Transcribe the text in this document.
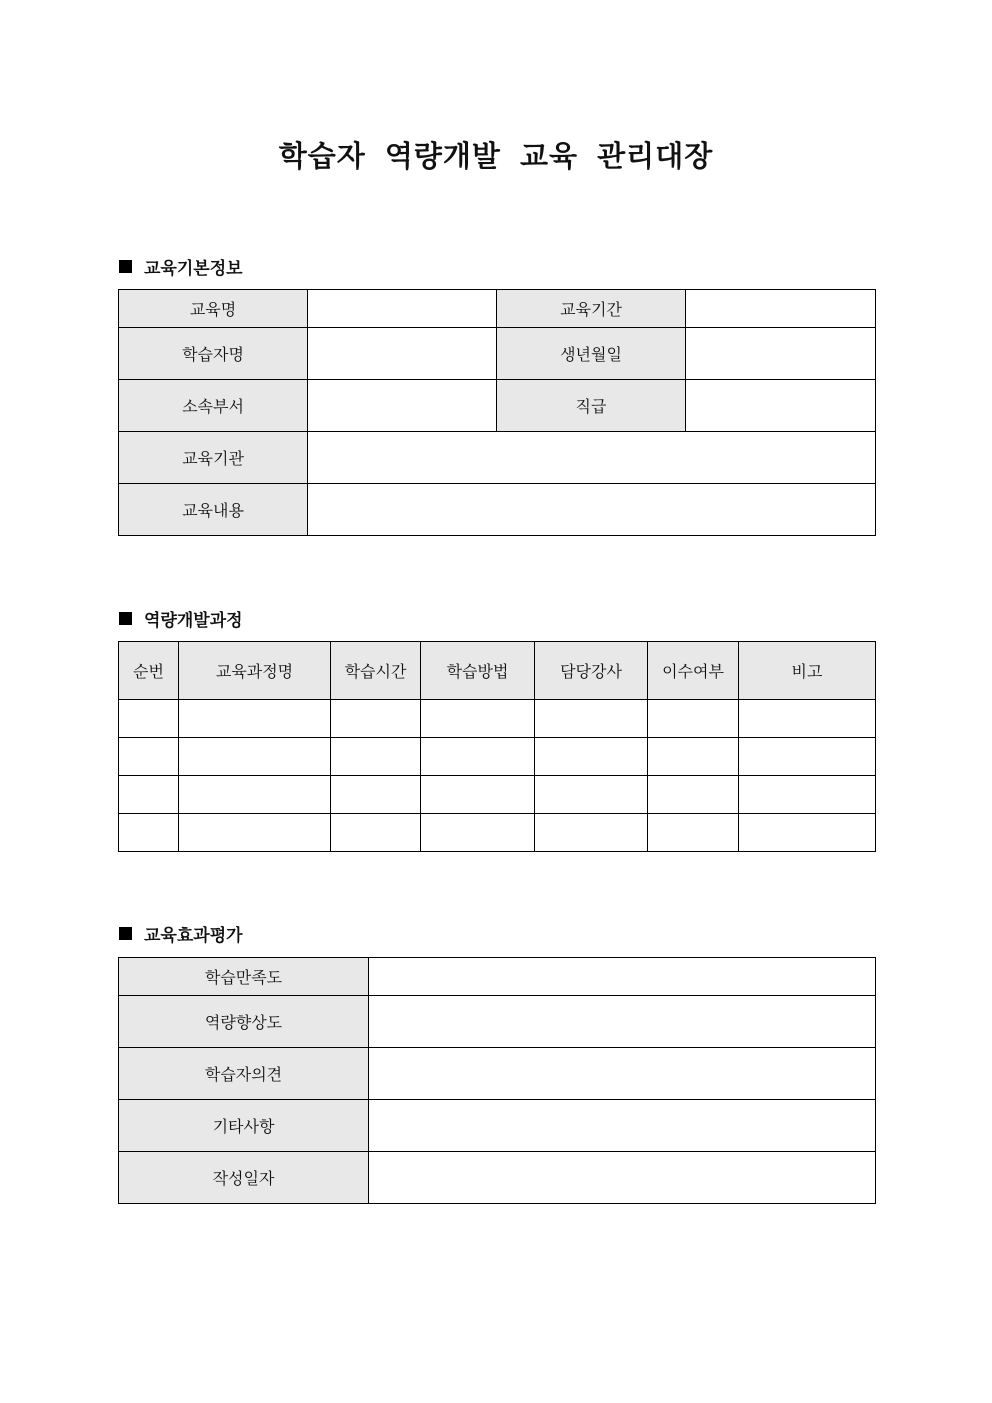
학습자 역량개발 교육 관리대장
교육기본정보
교육명		교육기간	
학습자명		생년월일	
소속부서		직급	
교육기관			
교육내용			
역량개발과정
순번	교육과정명	학습시간	학습방법	담당강사	이수여부	비고

교육효과평가
학습만족도	
역량향상도	
학습자의견	
기타사항	
작성일자	
